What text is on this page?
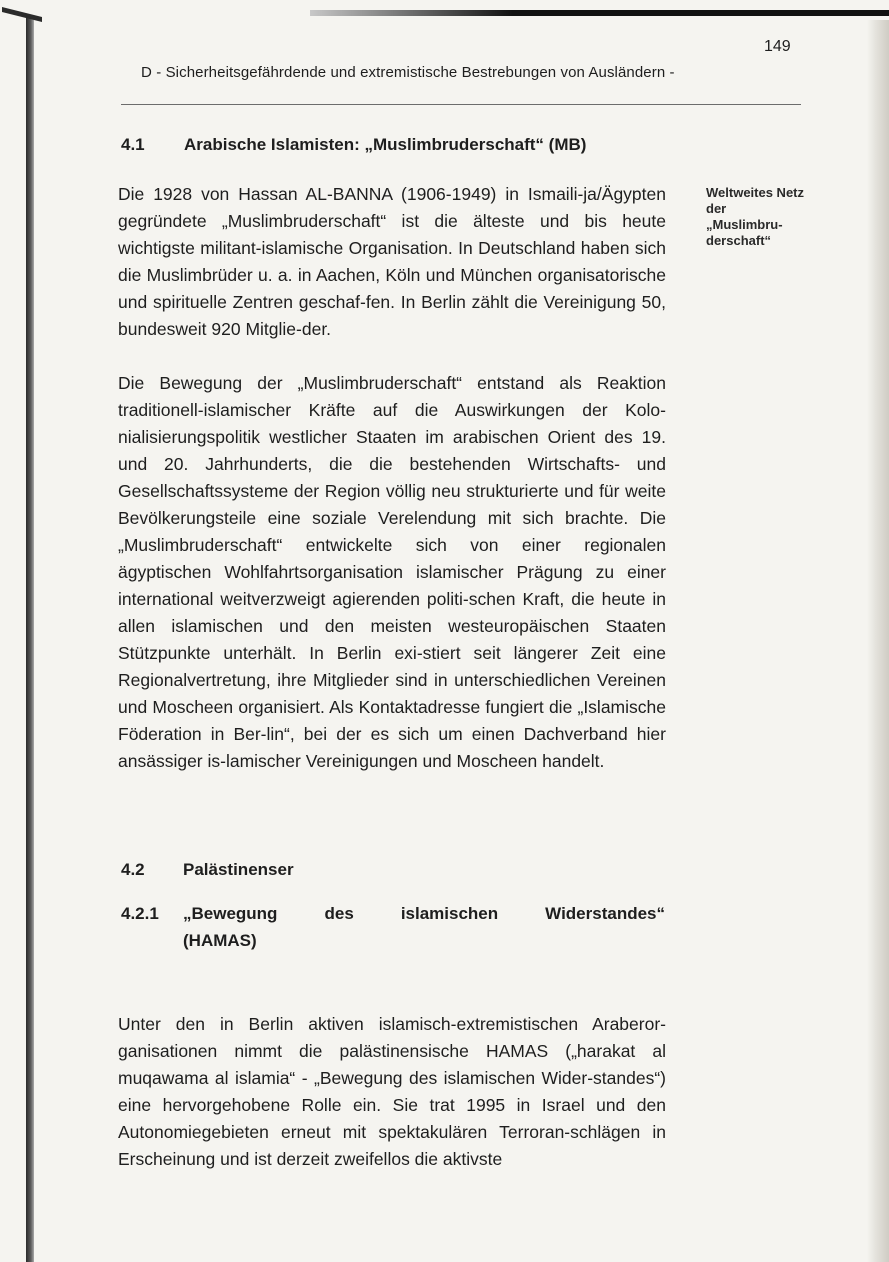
149
D - Sicherheitsgefährdende und extremistische Bestrebungen von Ausländern -
4.1 Arabische Islamisten: „Muslimbruderschaft“ (MB)

Die 1928 von Hassan AL-BANNA (1906-1949) in Ismaili-ja/Ägypten gegründete „Muslimbruderschaft“ ist die älteste und bis heute wichtigste militant-islamische Organisation. In Deutschland haben sich die Muslimbrüder u. a. in Aachen, Köln und München organisatorische und spirituelle Zentren geschaf-fen. In Berlin zählt die Vereinigung 50, bundesweit 920 Mitglie-der.

Die Bewegung der „Muslimbruderschaft“ entstand als Reaktion traditionell-islamischer Kräfte auf die Auswirkungen der Kolo-nialisierungspolitik westlicher Staaten im arabischen Orient des 19. und 20. Jahrhunderts, die die bestehenden Wirtschafts- und Gesellschaftssysteme der Region völlig neu strukturierte und für weite Bevölkerungsteile eine soziale Verelendung mit sich brachte. Die „Muslimbruderschaft“ entwickelte sich von einer regionalen ägyptischen Wohlfahrtsorganisation islamischer Prägung zu einer international weitverzweigt agierenden politi-schen Kraft, die heute in allen islamischen und den meisten westeuropäischen Staaten Stützpunkte unterhält. In Berlin exi-stiert seit längerer Zeit eine Regionalvertretung, ihre Mitglieder sind in unterschiedlichen Vereinen und Moscheen organisiert. Als Kontaktadresse fungiert die „Islamische Föderation in Ber-lin“, bei der es sich um einen Dachverband hier ansässiger is-lamischer Vereinigungen und Moscheen handelt.

Weltweites Netz der „Muslimbru-derschaft“
4.2 Palästinenser
4.2.1 „Bewegung	des	islamischen	Widerstandes“
(HAMAS)

Unter den in Berlin aktiven islamisch-extremistischen Araberor-ganisationen nimmt die palästinensische HAMAS („harakat al muqawama al islamia“ - „Bewegung des islamischen Wider-standes“) eine hervorgehobene Rolle ein. Sie trat 1995 in Israel und den Autonomiegebieten erneut mit spektakulären Terroran-schlägen in Erscheinung und ist derzeit zweifellos die aktivste
